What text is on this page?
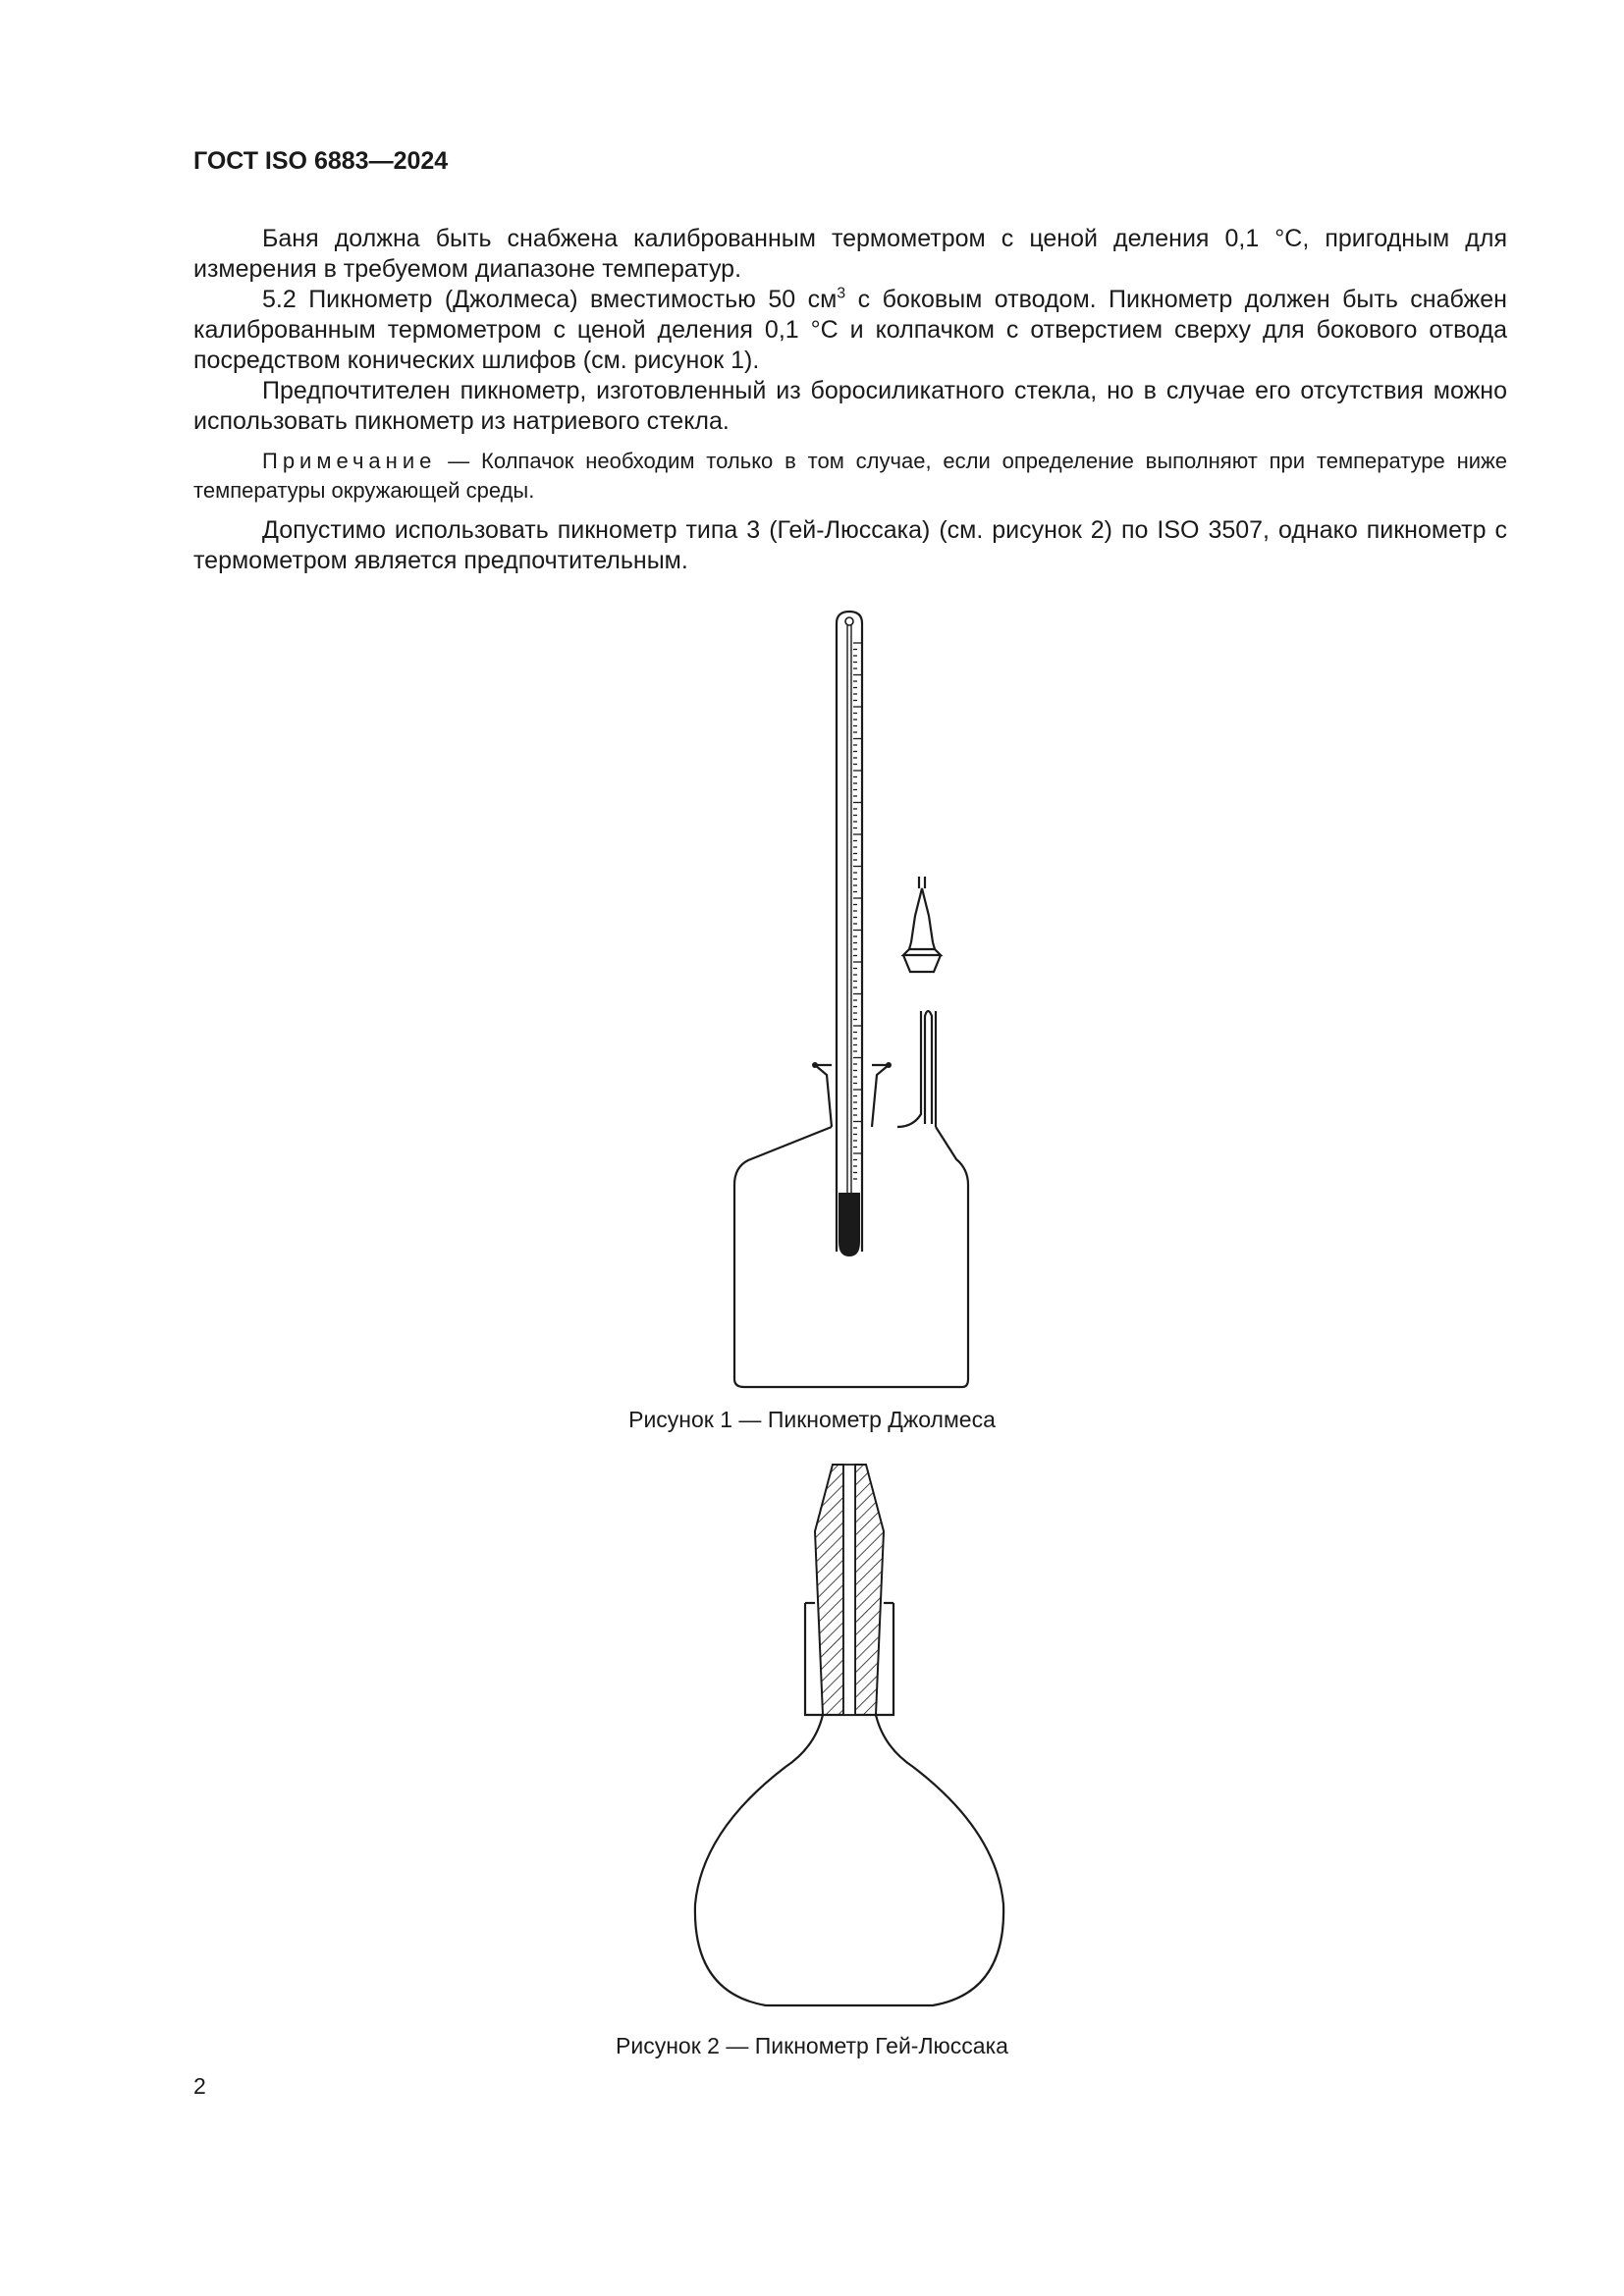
ГОСТ ISO 6883—2024

Баня должна быть снабжена калиброванным термометром с ценой деления 0,1 °С, пригодным для измерения в требуемом диапазоне температур.

5.2 Пикнометр (Джолмеса) вместимостью 50 $см^3$ с боковым отводом. Пикнометр должен быть снабжен калиброванным термометром с ценой деления 0,1 °С и колпачком с отверстием сверху для бокового отвода посредством конических шлифов (см. рисунок 1).

Предпочтителен пикнометр, изготовленный из боросиликатного стекла, но в случае его отсутствия можно использовать пикнометр из натриевого стекла.

Примечание — Колпачок необходим только в том случае, если определение выполняют при температуре ниже температуры окружающей среды.

Допустимо использовать пикнометр типа 3 (Гей-Люссака) (см. рисунок 2) по ISO 3507, однако пикнометр с термометром является предпочтительным.

Рисунок 1 — Пикнометр Джолмеса
Рисунок 2 — Пикнометр Гей-Люссака
2
